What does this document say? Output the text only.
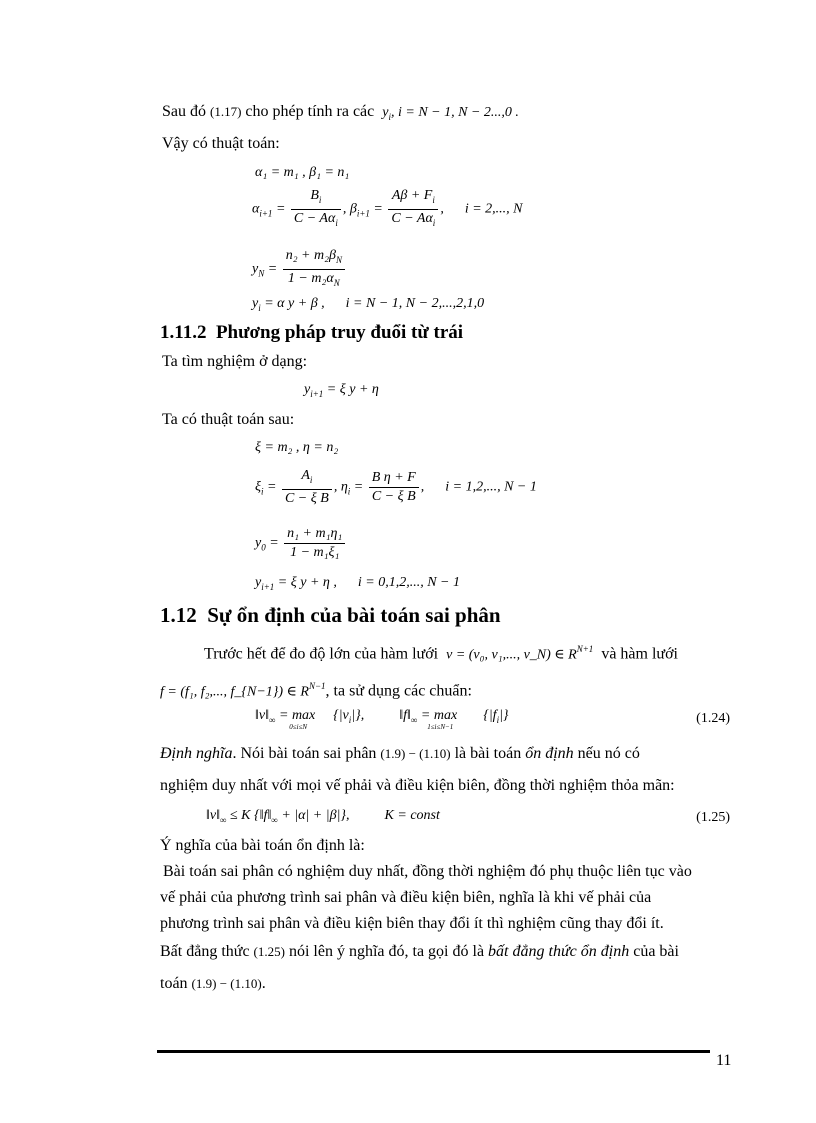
Sau đó (1.17) cho phép tính ra các $y_i$, i = N − 1, N − 2...,0 .
Vậy có thuật toán:
α₁ = m₁ , β₁ = n₁
$\alpha_{i+1} = \frac{B_i}{C - A\alpha_i}$ , $\beta_{i+1} = \frac{A\beta + F_i}{C - A\alpha_i}$ ,      i = 2,..., N
$y_N = \frac{n_2 + m_2\beta_N}{1 - m_2\alpha_N}$
$y_i = \alpha$ y + β , i = N − 1, N − 2,...,2,1,0
1.11.2 Phương pháp truy đuổi từ trái
Ta tìm nghiệm ở dạng:
$y_{i+1} = \xi$ y + η
Ta có thuật toán sau:
ξ = m₂ , η = n₂
$\xi_i = \frac{A_i}{\text{C − ξ B}}$ , $\eta_i = \frac{\text{B η + F}}{\text{C − ξ B}}$ ,      i = 1,2,..., N − 1
$y_0 = \frac{\text{n₁ + m₁η₁}}{\text{1 − m₁ξ₁}}$
$y_{i+1} = \xi$ y + η , i = 0,1,2,..., N − 1
1.12 Sự ổn định của bài toán sai phân
Trước hết để đo độ lớn của hàm lưới v = (v₀, v₁,..., v_N) ∈ $R^{N+1}$ và hàm lưới
f = (f₁, f₂,..., f_{N−1}) ∈ $R^{N-1}$, ta sử dụng các chuẩn:
$‖v‖_\infty = \max_{0\le i\le N}\{|v_i|\}$,          $‖f‖_\infty = \max_{1\le i\le N-1}\{|f_i|\}$	(1.24)
Định nghĩa. Nói bài toán sai phân (1.9) − (1.10) là bài toán ổn định nếu nó có
nghiệm duy nhất với mọi vế phải và điều kiện biên, đồng thời nghiệm thỏa mãn:
$‖v‖_\infty \le K$ $\{‖f‖_\infty + |\alpha| + |\beta|\}$,	K = const	(1.25)
Ý nghĩa của bài toán ổn định là:
Bài toán sai phân có nghiệm duy nhất, đồng thời nghiệm đó phụ thuộc liên tục vào
vế phải của phương trình sai phân và điều kiện biên, nghĩa là khi vế phải của
phương trình sai phân và điều kiện biên thay đổi ít thì nghiệm cũng thay đổi ít.
Bất đẳng thức (1.25) nói lên ý nghĩa đó, ta gọi đó là bất đẳng thức ổn định của bài
toán (1.9) − (1.10).
11
